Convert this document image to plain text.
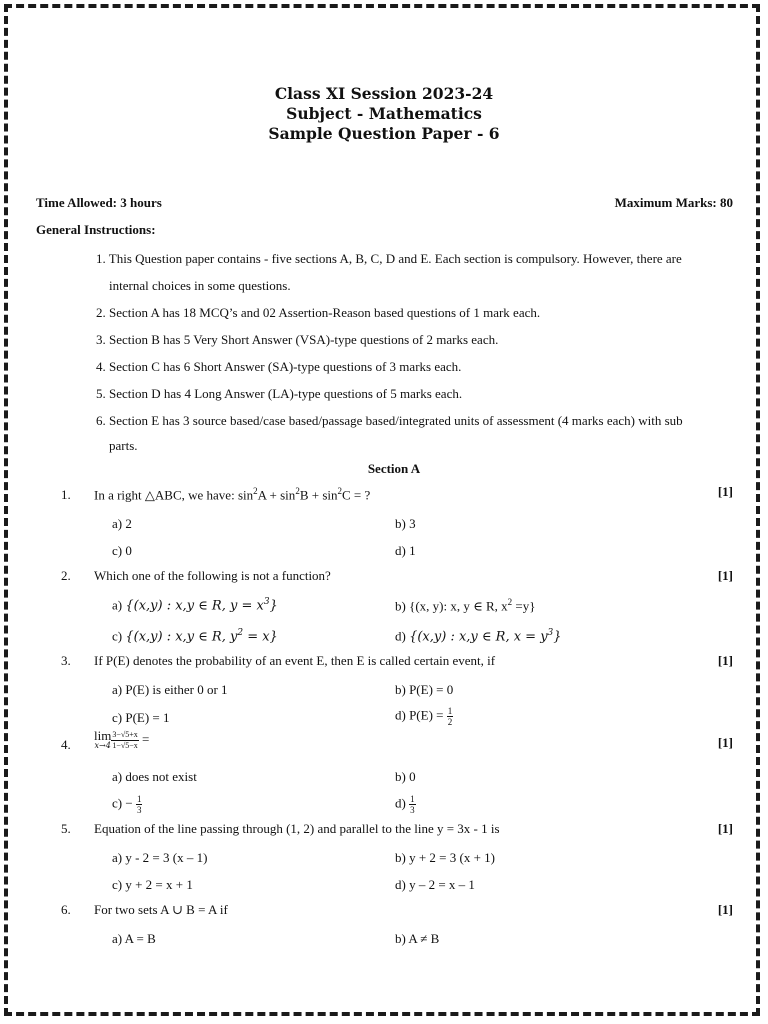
Class XI Session 2023-24
Subject - Mathematics
Sample Question Paper - 6
Time Allowed: 3 hours	Maximum Marks: 80
General Instructions:
1. This Question paper contains - five sections A, B, C, D and E. Each section is compulsory. However, there are
internal choices in some questions.
2. Section A has 18 MCQ’s and 02 Assertion-Reason based questions of 1 mark each.
3. Section B has 5 Very Short Answer (VSA)-type questions of 2 marks each.
4. Section C has 6 Short Answer (SA)-type questions of 3 marks each.
5. Section D has 4 Long Answer (LA)-type questions of 5 marks each.
6. Section E has 3 source based/case based/passage based/integrated units of assessment (4 marks each) with sub
parts.
Section A
1. In a right △ABC, we have: $\sin^2A + \sin^2B + \sin^2C$ = ?	[1]
a) 2	b) 3
c) 0	d) 1
2. Which one of the following is not a function?	[1]
a) {(x,y) : x,y ∈ R, $y = x^3$}	b) {(x, y): x, y ∈ R, $x^2 =y$}
c) {(x,y) : x,y ∈ R, $y^2 = x$}	d) {(x,y) : x,y ∈ R, $x = y^3$}
3. If P(E) denotes the probability of an event E, then E is called certain event, if	[1]
a) P(E) is either 0 or 1	b) P(E) = 0
c) P(E) = 1	d) $P(E) = \frac{1}{2}$
4.
lim
$x\to 4 \frac{3-√5+x}{1-√5-x}$ =	[1]
a) does not exist	b) 0
$c) - \frac{1}{3}$	$d) \frac{1}{3}$
5. Equation of the line passing through (1, 2) and parallel to the line y = 3x - 1 is	[1]
a) y - 2 = 3 (x – 1)	b) y + 2 = 3 (x + 1)
c) y + 2 = x + 1	d) y – 2 = x – 1
6. For two sets A ∪ B = A if	[1]
a) A = B	b) A ≠ B
